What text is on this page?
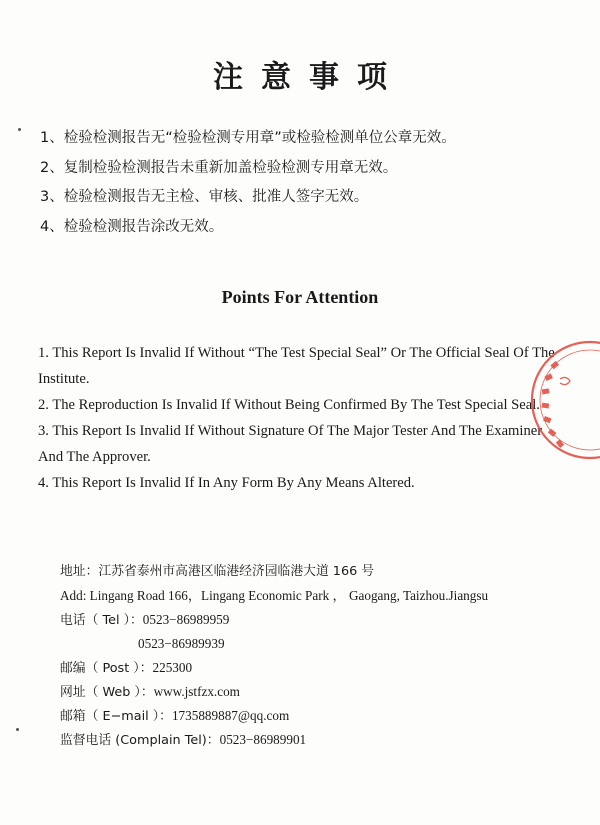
注意事项
1、检验检测报告无“检验检测专用章”或检验检测单位公章无效。
2、复制检验检测报告未重新加盖检验检测专用章无效。
3、检验检测报告无主检、审核、批准人签字无效。
4、检验检测报告涂改无效。
Points For Attention
1. This Report Is Invalid If Without “The Test Special Seal” Or The Official Seal Of The Institute.
2. The Reproduction Is Invalid If Without Being Confirmed By The Test Special Seal.
3. This Report Is Invalid If Without Signature Of The Major Tester And The Examiner And The Approver.
4. This Report Is Invalid If In Any Form By Any Means Altered.
地址：江苏省泰州市高港区临港经济园临港大道 166 号
Add: Lingang Road 166，Lingang Economic Park ， Gaogang, Taizhou.Jiangsu
电话（ Tel ）：0523−86989959
0523−86989939
邮编（ Post ）：225300
网址（ Web ）：www.jstfzx.com
邮箱（ E−mail ）：1735889887@qq.com
监督电话 (Complain Tel)：0523−86989901
